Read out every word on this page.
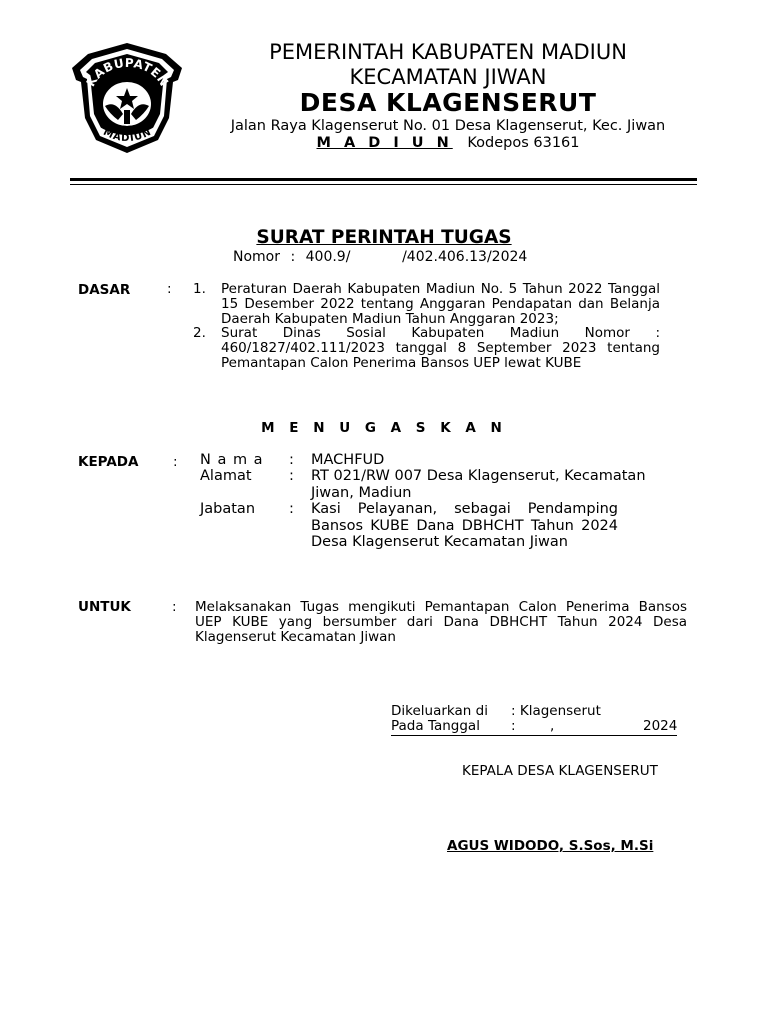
KABUPATEN
MADIUN
PEMERINTAH KABUPATEN MADIUN
KECAMATAN JIWAN
DESA KLAGENSERUT
Jalan Raya Klagenserut No. 01 Desa Klagenserut, Kec. Jiwan
M A D I U N Kodepos 63161
SURAT PERINTAH TUGAS
Nomor : 400.9/	/402.406.13/2024
DASAR	: 1. Peraturan Daerah Kabupaten Madiun No. 5 Tahun 2022 Tanggal 15 Desember 2022 tentang Anggaran Pendapatan dan Belanja Daerah Kabupaten Madiun Tahun Anggaran 2023;
2. Surat Dinas Sosial Kabupaten Madiun Nomor : 460/1827/402.111/2023 tanggal 8 September 2023 tentang Pemantapan Calon Penerima Bansos UEP lewat KUBE
M E N U G A S K A N
KEPADA	: N a m a : MACHFUD
Alamat	: RT 021/RW 007 Desa Klagenserut, Kecamatan Jiwan, Madiun
Jabatan : Kasi Pelayanan, sebagai Pendamping Bansos KUBE Dana DBHCHT Tahun 2024 Desa Klagenserut Kecamatan Jiwan
UNTUK	: Melaksanakan Tugas mengikuti Pemantapan Calon Penerima Bansos UEP KUBE yang bersumber dari Dana DBHCHT Tahun 2024 Desa Klagenserut Kecamatan Jiwan
Dikeluarkan di : Klagenserut
Pada Tanggal :	,	2024
KEPALA DESA KLAGENSERUT
AGUS WIDODO, S.Sos, M.Si
